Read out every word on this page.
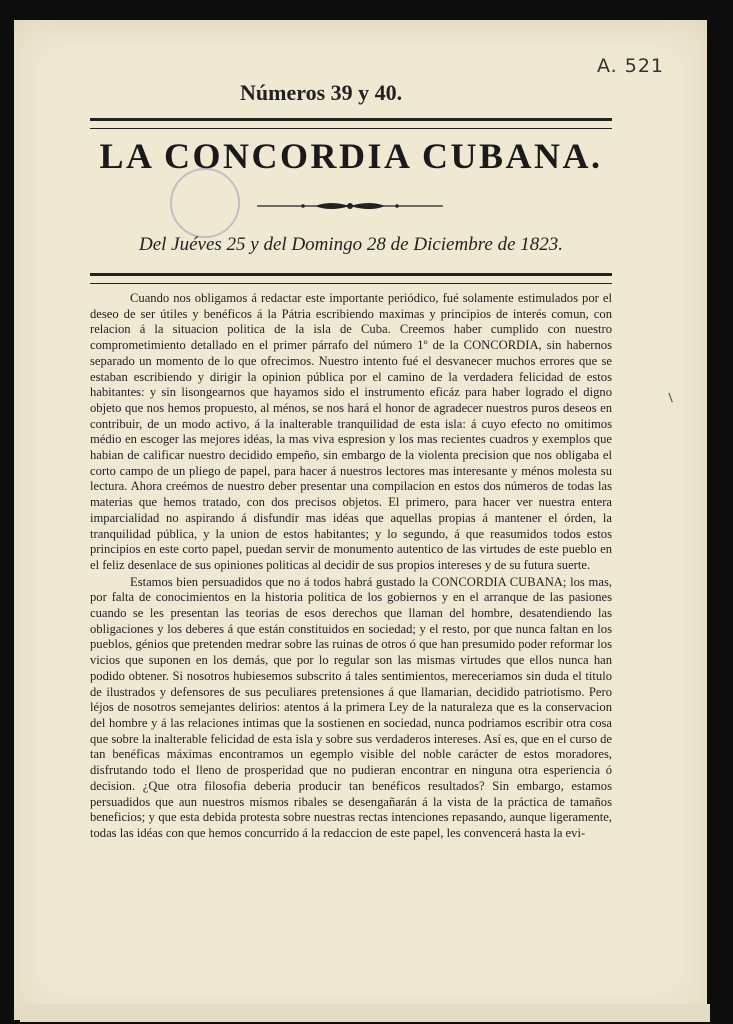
A. 521
Números 39 y 40.
LA CONCORDIA CUBANA.
Del Juéves 25 y del Domingo 28 de Diciembre de 1823.

Cuando nos obligamos á redactar este importante periódico, fué solamente estimulados por el deseo de ser útiles y benéficos á la Pátria escribiendo maximas y principios de interés comun, con relacion á la situacion politica de la isla de Cuba. Creemos haber cumplido con nuestro comprometimiento detallado en el primer párrafo del número 1º de la CONCORDIA, sin habernos separado un momento de lo que ofrecimos. Nuestro intento fué el desvanecer muchos errores que se estaban escribiendo y dirigir la opinion pública por el camino de la verdadera felicidad de estos habitantes: y sin lisongearnos que hayamos sido el instrumento eficáz para haber logrado el digno objeto que nos hemos propuesto, al ménos, se nos hará el honor de agradecer nuestros puros deseos en contribuir, de un modo activo, á la inalterable tranquilidad de esta isla: á cuyo efecto no omitimos médio en escoger las mejores idéas, la mas viva espresion y los mas recientes cuadros y exemplos que habian de calificar nuestro decidido empeño, sin embargo de la violenta precision que nos obligaba el corto campo de un pliego de papel, para hacer á nuestros lectores mas interesante y ménos molesta su lectura. Ahora creémos de nuestro deber presentar una compilacion en estos dos números de todas las materias que hemos tratado, con dos precisos objetos. El primero, para hacer ver nuestra entera imparcialidad no aspirando á disfundir mas idéas que aquellas propias á mantener el órden, la tranquilidad pública, y la union de estos habitantes; y lo segundo, á que reasumidos todos estos principios en este corto papel, puedan servir de monumento autentico de las virtudes de este pueblo en el feliz desenlace de sus opiniones politicas al decidir de sus propios intereses y de su futura suerte.

Estamos bien persuadidos que no á todos habrá gustado la CONCORDIA CUBANA; los mas, por falta de conocimientos en la historia politica de los gobiernos y en el arranque de las pasiones cuando se les presentan las teorias de esos derechos que llaman del hombre, desatendiendo las obligaciones y los deberes á que están constituidos en sociedad; y el resto, por que nunca faltan en los pueblos, génios que pretenden medrar sobre las ruinas de otros ó que han presumido poder reformar los vicios que suponen en los demás, que por lo regular son las mismas virtudes que ellos nunca han podido obtener. Si nosotros hubiesemos subscrito á tales sentimientos, mereceriamos sin duda el titulo de ilustrados y defensores de sus peculiares pretensiones á que llamarian, decidido patriotismo. Pero léjos de nosotros semejantes delirios: atentos á la primera Ley de la naturaleza que es la conservacion del hombre y á las relaciones intimas que la sostienen en sociedad, nunca podriamos escribir otra cosa que sobre la inalterable felicidad de esta isla y sobre sus verdaderos intereses. Así es, que en el curso de tan benéficas máximas encontramos un egemplo visible del noble carácter de estos moradores, disfrutando todo el lleno de prosperidad que no pudieran encontrar en ninguna otra esperiencia ó decision. ¿Que otra filosofia deberia producir tan benéficos resultados? Sin embargo, estamos persuadidos que aun nuestros mismos ribales se desengañarán á la vista de la práctica de tamaños beneficios; y que esta debida protesta sobre nuestras rectas intenciones repasando, aunque ligeramente, todas las idéas con que hemos concurrido á la redaccion de este papel, les convencerá hasta la evi-
